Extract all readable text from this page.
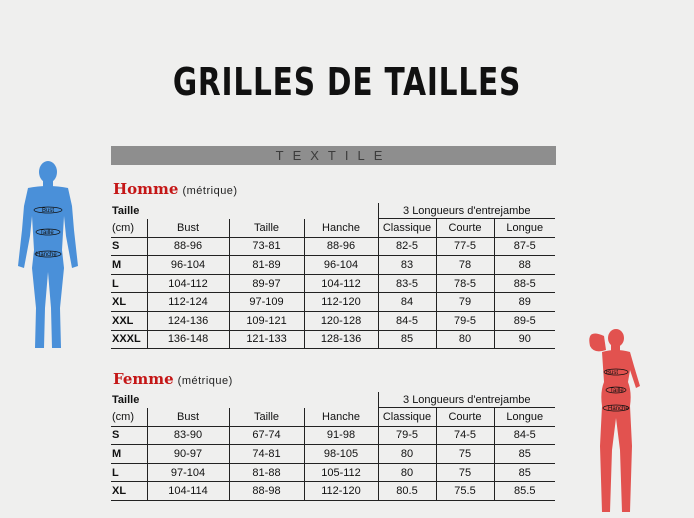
GRILLES DE TAILLES
TEXTILE
Bust
Taille
Hanche
Bust
Taille
Hanche
Homme (métrique)
Taille				3 Longueurs d'entrejambe		
(cm)	Bust	Taille	Hanche	Classique	Courte	Longue
S	88-96	73-81	88-96	82-5	77-5	87-5
M	96-104	81-89	96-104	83	78	88
L	104-112	89-97	104-112	83-5	78-5	88-5
XL	112-124	97-109	112-120	84	79	89
XXL	124-136	109-121	120-128	84-5	79-5	89-5
XXXL	136-148	121-133	128-136	85	80	90
Femme (métrique)
Taille				3 Longueurs d'entrejambe		
(cm)	Bust	Taille	Hanche	Classique	Courte	Longue
S	83-90	67-74	91-98	79-5	74-5	84-5
M	90-97	74-81	98-105	80	75	85
L	97-104	81-88	105-112	80	75	85
XL	104-114	88-98	112-120	80.5	75.5	85.5
